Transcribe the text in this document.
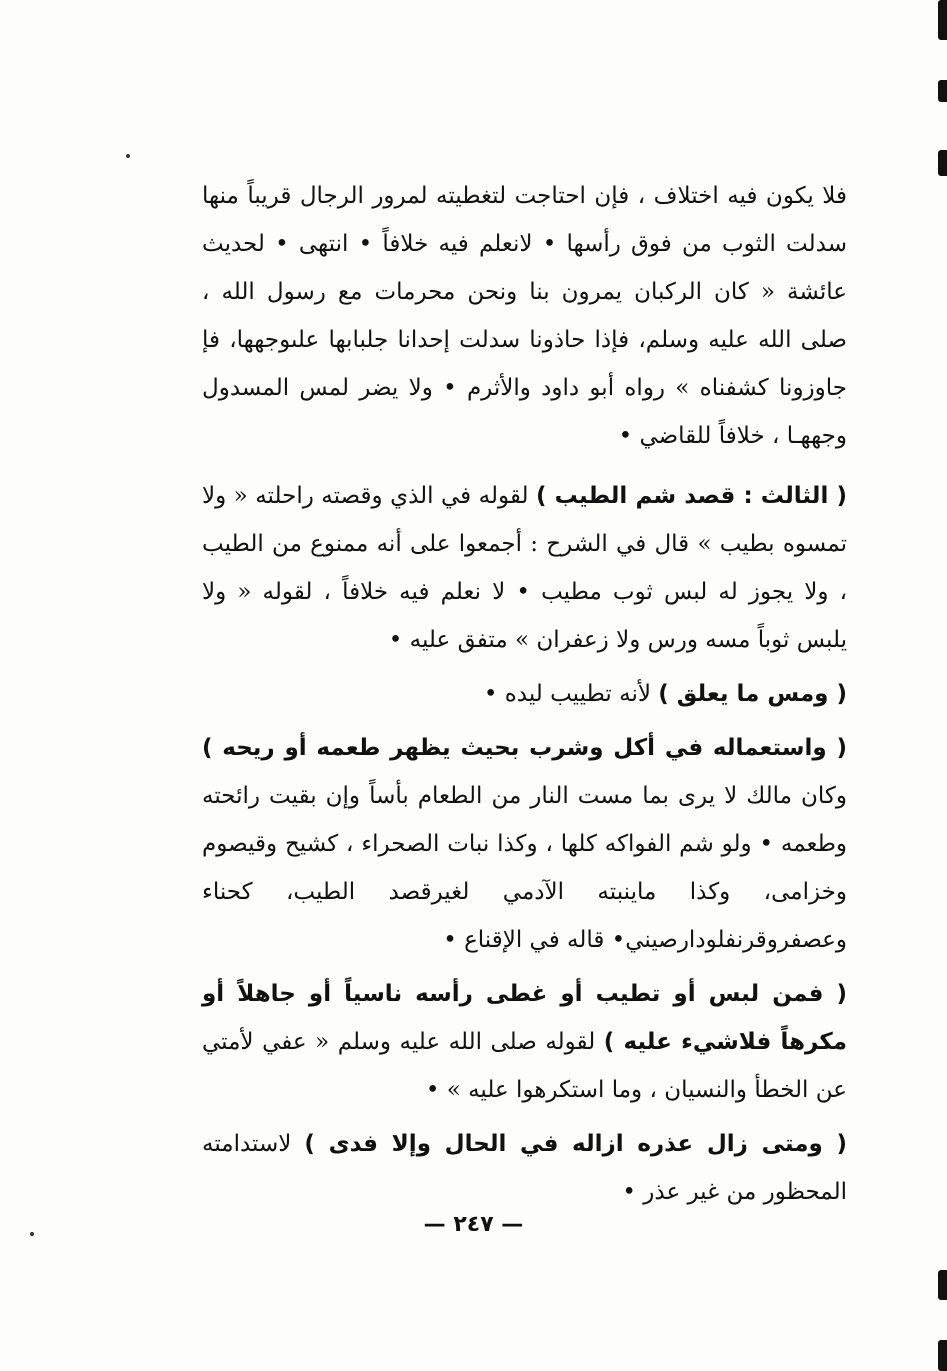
فلا يكون فيه اختلاف ، فإن احتاجت لتغطيته لمرور الرجال قريباً منها سدلت الثوب من فوق رأسها • لانعلم فيه خلافاً • انتهى • لحديث عائشة « كان الركبان يمرون بنا ونحن محرمات مع رسول الله ، صلى الله عليه وسلم، فإذا حاذونا سدلت إحدانا جلبابها علىوجهها، فإ جاوزونا كشفناه » رواه أبو داود والأثرم • ولا يضر لمس المسدول وجههـا ، خلافاً للقاضي •

( الثالث : قصد شم الطيب ) لقوله في الذي وقصته راحلته « ولا تمسوه بطيب » قال في الشرح : أجمعوا على أنه ممنوع من الطيب ، ولا يجوز له لبس ثوب مطيب • لا نعلم فيه خلافاً ، لقوله « ولا يلبس ثوباً مسه ورس ولا زعفران » متفق عليه •

( ومس ما يعلق ) لأنه تطييب ليده •

( واستعماله في أكل وشرب بحيث يظهر طعمه أو ريحه ) وكان مالك لا يرى بما مست النار من الطعام بأساً وإن بقيت رائحته وطعمه • ولو شم الفواكه كلها ، وكذا نبات الصحراء ، كشيح وقيصوم وخزامى، وكذا ماينبته الآدمي لغيرقصد الطيب، كحناء وعصفروقرنفلودارصيني• قاله في الإقناع •

( فمن لبس أو تطيب أو غطى رأسه ناسياً أو جاهلاً أو مكرهاً فلاشيء عليه ) لقوله صلى الله عليه وسلم « عفي لأمتي عن الخطأ والنسيان ، وما استكرهوا عليه » •

( ومتى زال عذره ازاله في الحال وإلا فدى ) لاستدامته المحظور من غير عذر •

— ٢٤٧ —
